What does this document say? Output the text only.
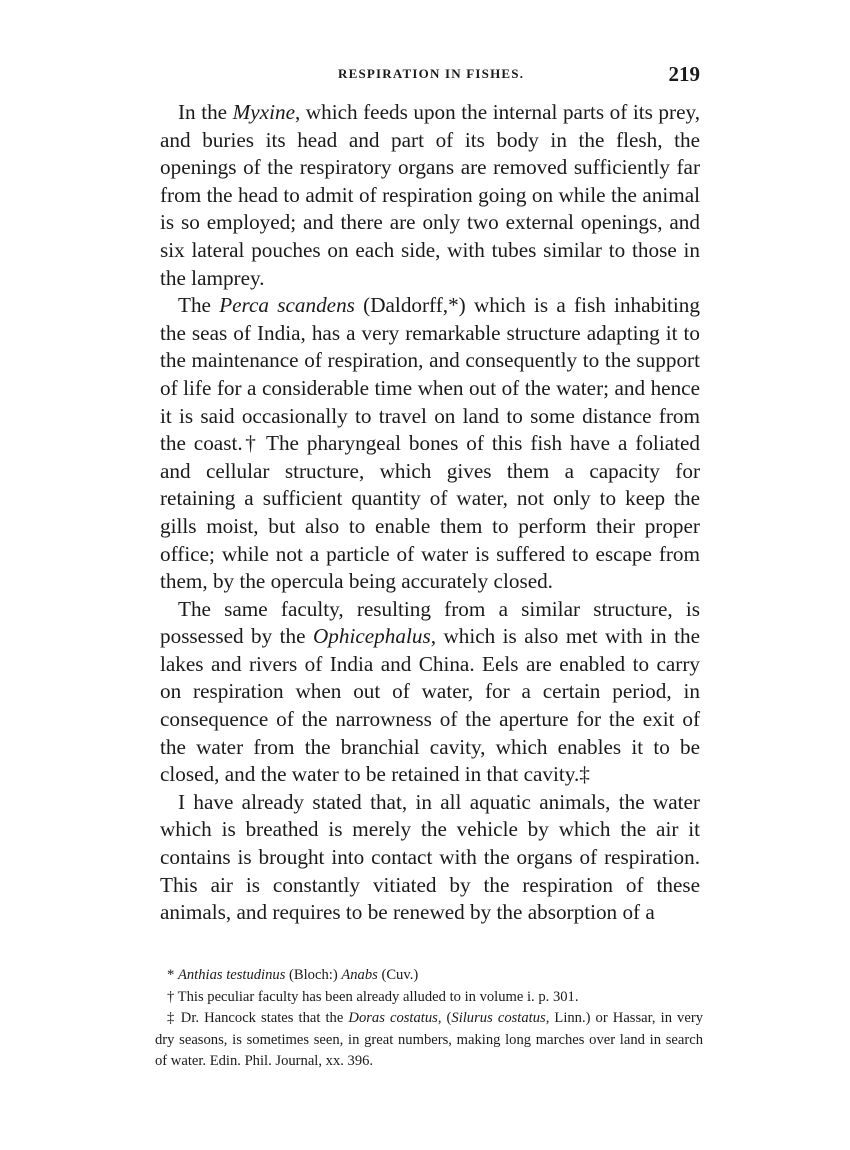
RESPIRATION IN FISHES.	219

In the Myxine, which feeds upon the internal parts of its prey, and buries its head and part of its body in the flesh, the openings of the respiratory organs are removed sufficiently far from the head to admit of respiration going on while the animal is so employed; and there are only two external openings, and six lateral pouches on each side, with tubes similar to those in the lamprey.

The Perca scandens (Daldorff,*) which is a fish inhabiting the seas of India, has a very remarkable structure adapting it to the maintenance of respiration, and consequently to the support of life for a considerable time when out of the water; and hence it is said occasionally to travel on land to some distance from the coast.† The pharyngeal bones of this fish have a foliated and cellular structure, which gives them a capacity for retaining a sufficient quantity of water, not only to keep the gills moist, but also to enable them to perform their proper office; while not a particle of water is suffered to escape from them, by the opercula being accurately closed.

The same faculty, resulting from a similar structure, is possessed by the Ophicephalus, which is also met with in the lakes and rivers of India and China. Eels are enabled to carry on respiration when out of water, for a certain period, in consequence of the narrowness of the aperture for the exit of the water from the branchial cavity, which enables it to be closed, and the water to be retained in that cavity.‡

I have already stated that, in all aquatic animals, the water which is breathed is merely the vehicle by which the air it contains is brought into contact with the organs of respiration. This air is constantly vitiated by the respiration of these animals, and requires to be renewed by the absorption of a

* Anthias testudinus (Bloch:) Anabs (Cuv.)

† This peculiar faculty has been already alluded to in volume i. p. 301.

‡ Dr. Hancock states that the Doras costatus, (Silurus costatus, Linn.) or Hassar, in very dry seasons, is sometimes seen, in great numbers, making long marches over land in search of water. Edin. Phil. Journal, xx. 396.
